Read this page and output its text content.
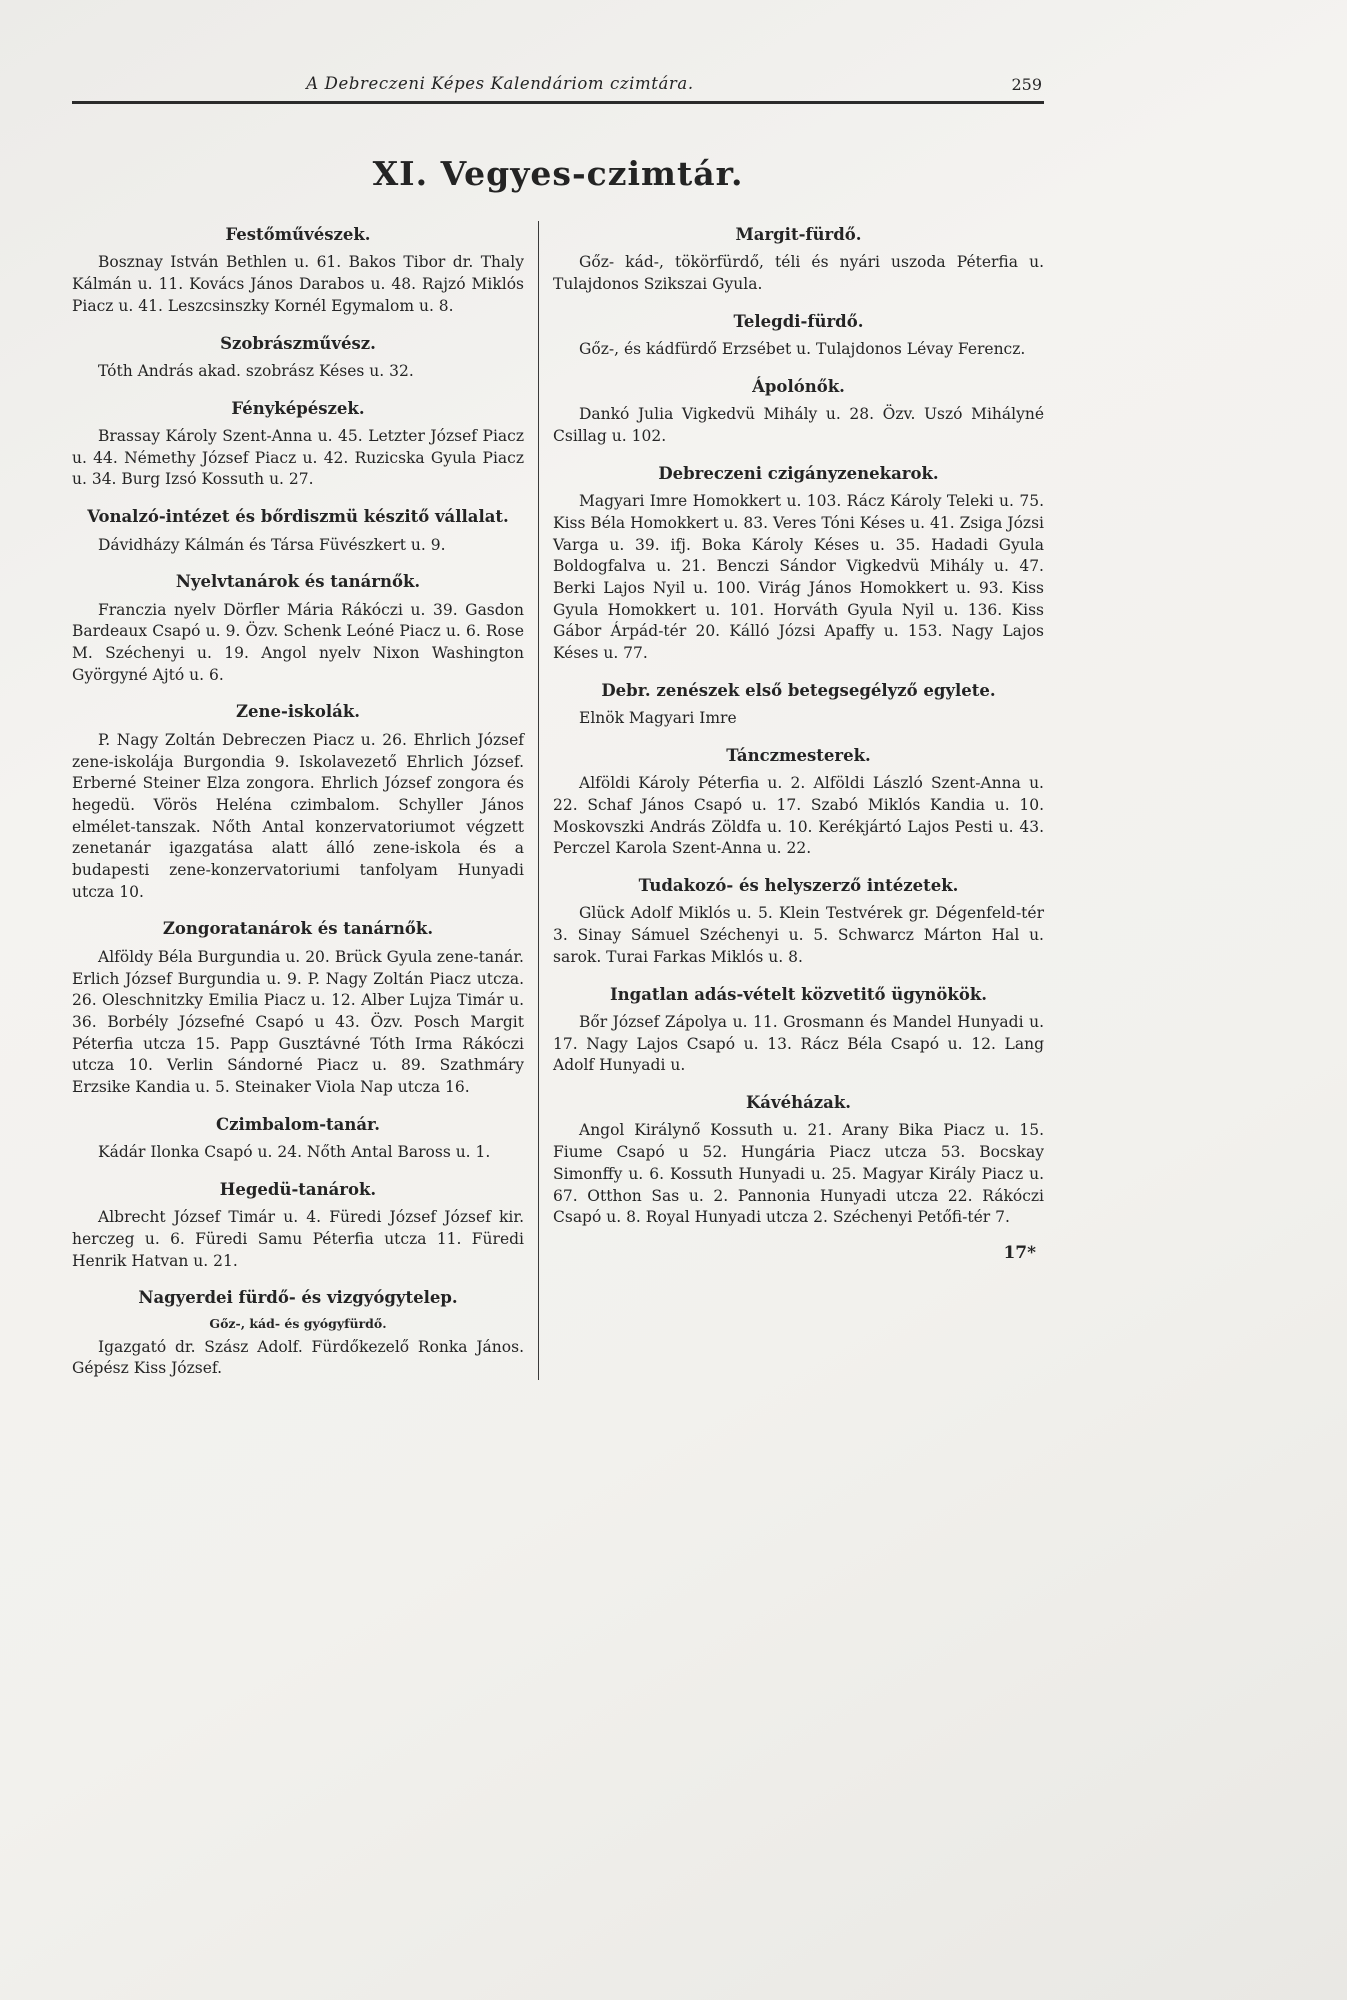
A Debreczeni Képes Kalendáriom czimtára.	259
XI. Vegyes-czimtár.
Festőművészek.

Bosznay István Bethlen u. 61. Bakos Tibor dr. Thaly Kálmán u. 11. Kovács János Darabos u. 48. Rajzó Miklós Piacz u. 41. Leszcsinszky Kornél Egymalom u. 8.

Szobrászművész.

Tóth András akad. szobrász Késes u. 32.

Fényképészek.

Brassay Károly Szent-Anna u. 45. Letzter József Piacz u. 44. Némethy József Piacz u. 42. Ruzicska Gyula Piacz u. 34. Burg Izsó Kossuth u. 27.

Vonalzó-intézet és bőrdiszmü készitő vállalat.

Dávidházy Kálmán és Társa Füvészkert u. 9.

Nyelvtanárok és tanárnők.

Franczia nyelv Dörfler Mária Rákóczi u. 39. Gasdon Bardeaux Csapó u. 9. Özv. Schenk Leóné Piacz u. 6. Rose M. Széchenyi u. 19. Angol nyelv Nixon Washington Györgyné Ajtó u. 6.

Zene-iskolák.

P. Nagy Zoltán Debreczen Piacz u. 26. Ehrlich József zene-iskolája Burgondia 9. Iskolavezető Ehrlich József. Erberné Steiner Elza zongora. Ehrlich József zongora és hegedü. Vörös Heléna czimbalom. Schyller János elmélet-tanszak. Nőth Antal konzervatoriumot végzett zenetanár igazgatása alatt álló zene-iskola és a budapesti zene-konzervatoriumi tanfolyam Hunyadi utcza 10.

Zongoratanárok és tanárnők.

Alföldy Béla Burgundia u. 20. Brück Gyula zene-tanár. Erlich József Burgundia u. 9. P. Nagy Zoltán Piacz utcza. 26. Oleschnitzky Emilia Piacz u. 12. Alber Lujza Timár u. 36. Borbély Józsefné Csapó u 43. Özv. Posch Margit Péterfia utcza 15. Papp Gusztávné Tóth Irma Rákóczi utcza 10. Verlin Sándorné Piacz u. 89. Szathmáry Erzsike Kandia u. 5. Steinaker Viola Nap utcza 16.

Czimbalom-tanár.

Kádár Ilonka Csapó u. 24. Nőth Antal Baross u. 1.

Hegedü-tanárok.

Albrecht József Timár u. 4. Füredi József József kir. herczeg u. 6. Füredi Samu Péterfia utcza 11. Füredi Henrik Hatvan u. 21.

Nagyerdei fürdő- és vizgyógytelep.
Gőz-, kád- és gyógyfürdő.

Igazgató dr. Szász Adolf. Fürdőkezelő Ronka János. Gépész Kiss József.

Margit-fürdő.

Gőz- kád-, tökörfürdő, téli és nyári uszoda Péterfia u. Tulajdonos Szikszai Gyula.

Telegdi-fürdő.

Gőz-, és kádfürdő Erzsébet u. Tulajdonos Lévay Ferencz.

Ápolónők.

Dankó Julia Vigkedvü Mihály u. 28. Özv. Uszó Mihályné Csillag u. 102.

Debreczeni czigányzenekarok.

Magyari Imre Homokkert u. 103. Rácz Károly Teleki u. 75. Kiss Béla Homokkert u. 83. Veres Tóni Késes u. 41. Zsiga Józsi Varga u. 39. ifj. Boka Károly Késes u. 35. Hadadi Gyula Boldogfalva u. 21. Benczi Sándor Vigkedvü Mihály u. 47. Berki Lajos Nyil u. 100. Virág János Homokkert u. 93. Kiss Gyula Homokkert u. 101. Horváth Gyula Nyil u. 136. Kiss Gábor Árpád-tér 20. Kálló Józsi Apaffy u. 153. Nagy Lajos Késes u. 77.

Debr. zenészek első betegsegélyző egylete.

Elnök Magyari Imre

Tánczmesterek.

Alföldi Károly Péterfia u. 2. Alföldi László Szent-Anna u. 22. Schaf János Csapó u. 17. Szabó Miklós Kandia u. 10. Moskovszki András Zöldfa u. 10. Kerékjártó Lajos Pesti u. 43. Perczel Karola Szent-Anna u. 22.

Tudakozó- és helyszerző intézetek.

Glück Adolf Miklós u. 5. Klein Testvérek gr. Dégenfeld-tér 3. Sinay Sámuel Széchenyi u. 5. Schwarcz Márton Hal u. sarok. Turai Farkas Miklós u. 8.

Ingatlan adás-vételt közvetitő ügynökök.

Bőr József Zápolya u. 11. Grosmann és Mandel Hunyadi u. 17. Nagy Lajos Csapó u. 13. Rácz Béla Csapó u. 12. Lang Adolf Hunyadi u.

Kávéházak.

Angol Királynő Kossuth u. 21. Arany Bika Piacz u. 15. Fiume Csapó u 52. Hungária Piacz utcza 53. Bocskay Simonffy u. 6. Kossuth Hunyadi u. 25. Magyar Király Piacz u. 67. Otthon Sas u. 2. Pannonia Hunyadi utcza 22. Rákóczi Csapó u. 8. Royal Hunyadi utcza 2. Széchenyi Petőfi-tér 7.

17*
